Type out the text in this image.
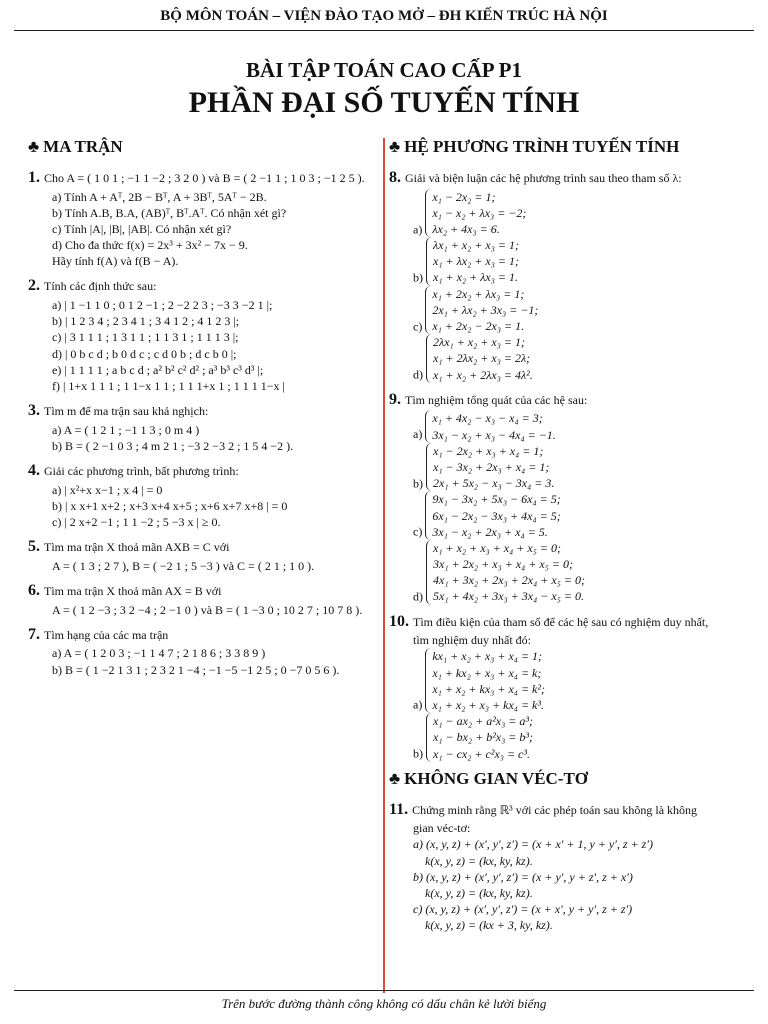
BỘ MÔN TOÁN – VIỆN ĐÀO TẠO MỞ – ĐH KIẾN TRÚC HÀ NỘI
BÀI TẬP TOÁN CAO CẤP P1
PHẦN ĐẠI SỐ TUYẾN TÍNH
♣ MA TRẬN
1. Cho A = ( 1 0 1 ; −1 1 −2 ; 3 2 0 ) và B = ( 2 −1 1 ; 1 0 3 ; −1 2 5 ).
a) Tính A + Aᵀ, 2B − Bᵀ, A + 3Bᵀ, 5Aᵀ − 2B.
b) Tính A.B, B.A, (AB)ᵀ, Bᵀ.Aᵀ. Có nhận xét gì?
c) Tính |A|, |B|, |AB|. Có nhận xét gì?
d) Cho đa thức f(x) = 2x³ + 3x² − 7x − 9.
Hãy tính f(A) và f(B − A).
2. Tính các định thức sau:
a) | 1 −1 1 0 ; 0 1 2 −1 ; 2 −2 2 3 ; −3 3 −2 1 |;
b) | 1 2 3 4 ; 2 3 4 1 ; 3 4 1 2 ; 4 1 2 3 |;
c) | 3 1 1 1 ; 1 3 1 1 ; 1 1 3 1 ; 1 1 1 3 |;
d) | 0 b c d ; b 0 d c ; c d 0 b ; d c b 0 |;
e) | 1 1 1 1 ; a b c d ; a² b² c² d² ; a³ b³ c³ d³ |;
f) | 1+x 1 1 1 ; 1 1−x 1 1 ; 1 1 1+x 1 ; 1 1 1 1−x |
3. Tìm m để ma trận sau khả nghịch:
a) A = ( 1 2 1 ; −1 1 3 ; 0 m 4 )
b) B = ( 2 −1 0 3 ; 4 m 2 1 ; −3 2 −3 2 ; 1 5 4 −2 ).
4. Giải các phương trình, bất phương trình:
a) | x²+x x−1 ; x 4 | = 0
b) | x x+1 x+2 ; x+3 x+4 x+5 ; x+6 x+7 x+8 | = 0
c) | 2 x+2 −1 ; 1 1 −2 ; 5 −3 x | ≥ 0.
5. Tìm ma trận X thoả mãn AXB = C với
A = ( 1 3 ; 2 7 ), B = ( −2 1 ; 5 −3 ) và C = ( 2 1 ; 1 0 ).
6. Tìm ma trận X thoả mãn AX = B với
A = ( 1 2 −3 ; 3 2 −4 ; 2 −1 0 ) và B = ( 1 −3 0 ; 10 2 7 ; 10 7 8 ).
7. Tìm hạng của các ma trận
a) A = ( 1 2 0 3 ; −1 1 4 7 ; 2 1 8 6 ; 3 3 8 9 )
b) B = ( 1 −2 1 3 1 ; 2 3 2 1 −4 ; −1 −5 −1 2 5 ; 0 −7 0 5 6 ).
♣ HỆ PHƯƠNG TRÌNH TUYẾN TÍNH
8. Giải và biện luận các hệ phương trình sau theo tham số λ:
a)
x₁ − 2x₂ = 1;
x₁ − x₂ + λx₃ = −2;
λx₂ + 4x₃ = 6.
b)
λx₁ + x₂ + x₃ = 1;
x₁ + λx₂ + x₃ = 1;
x₁ + x₂ + λx₃ = 1.
c)
x₁ + 2x₂ + λx₃ = 1;
2x₁ + λx₂ + 3x₃ = −1;
x₁ + 2x₂ − 2x₃ = 1.
d)
2λx₁ + x₂ + x₃ = 1;
x₁ + 2λx₂ + x₃ = 2λ;
x₁ + x₂ + 2λx₃ = 4λ².
9. Tìm nghiệm tổng quát của các hệ sau:
a)
x₁ + 4x₂ − x₃ − x₄ = 3;
3x₁ − x₂ + x₃ − 4x₄ = −1.
b)
x₁ − 2x₂ + x₃ + x₄ = 1;
x₁ − 3x₂ + 2x₃ + x₄ = 1;
2x₁ + 5x₂ − x₃ − 3x₄ = 3.
c)
9x₁ − 3x₂ + 5x₃ − 6x₄ = 5;
6x₁ − 2x₂ − 3x₃ + 4x₄ = 5;
3x₁ − x₂ + 2x₃ + x₄ = 5.
d)
x₁ + x₂ + x₃ + x₄ + x₅ = 0;
3x₁ + 2x₂ + x₃ + x₄ + x₅ = 0;
4x₁ + 3x₂ + 2x₃ + 2x₄ + x₅ = 0;
5x₁ + 4x₂ + 3x₃ + 3x₄ − x₅ = 0.
10. Tìm điều kiện của tham số để các hệ sau có nghiệm duy nhất,
tìm nghiệm duy nhất đó:
a)
kx₁ + x₂ + x₃ + x₄ = 1;
x₁ + kx₂ + x₃ + x₄ = k;
x₁ + x₂ + kx₃ + x₄ = k²;
x₁ + x₂ + x₃ + kx₄ = k³.
b)
x₁ − ax₂ + a²x₃ = a³;
x₁ − bx₂ + b²x₃ = b³;
x₁ − cx₂ + c²x₃ = c³.
♣ KHÔNG GIAN VÉC-TƠ
11. Chứng minh rằng ℝ³ với các phép toán sau không là không
gian véc-tơ:
a) (x, y, z) + (x′, y′, z′) = (x + x′ + 1, y + y′, z + z′)
k(x, y, z) = (kx, ky, kz).
b) (x, y, z) + (x′, y′, z′) = (x + y′, y + z′, z + x′)
k(x, y, z) = (kx, ky, kz).
c) (x, y, z) + (x′, y′, z′) = (x + x′, y + y′, z + z′)
k(x, y, z) = (kx + 3, ky, kz).
Trên bước đường thành công không có dấu chân kẻ lười biếng
